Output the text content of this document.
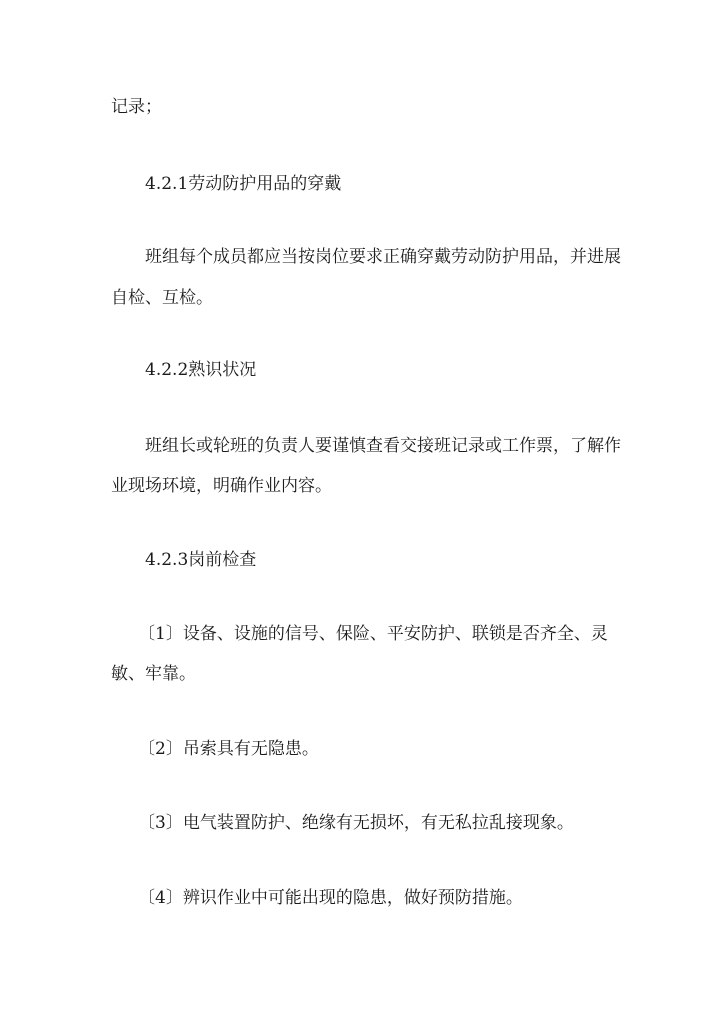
记录；
4.2.1劳动防护用品的穿戴
班组每个成员都应当按岗位要求正确穿戴劳动防护用品，并进展
自检、互检。
4.2.2熟识状况
班组长或轮班的负责人要谨慎查看交接班记录或工作票，了解作
业现场环境，明确作业内容。
4.2.3岗前检查
〔1〕设备、设施的信号、保险、平安防护、联锁是否齐全、灵
敏、牢靠。
〔2〕吊索具有无隐患。
〔3〕电气装置防护、绝缘有无损坏，有无私拉乱接现象。
〔4〕辨识作业中可能出现的隐患，做好预防措施。
